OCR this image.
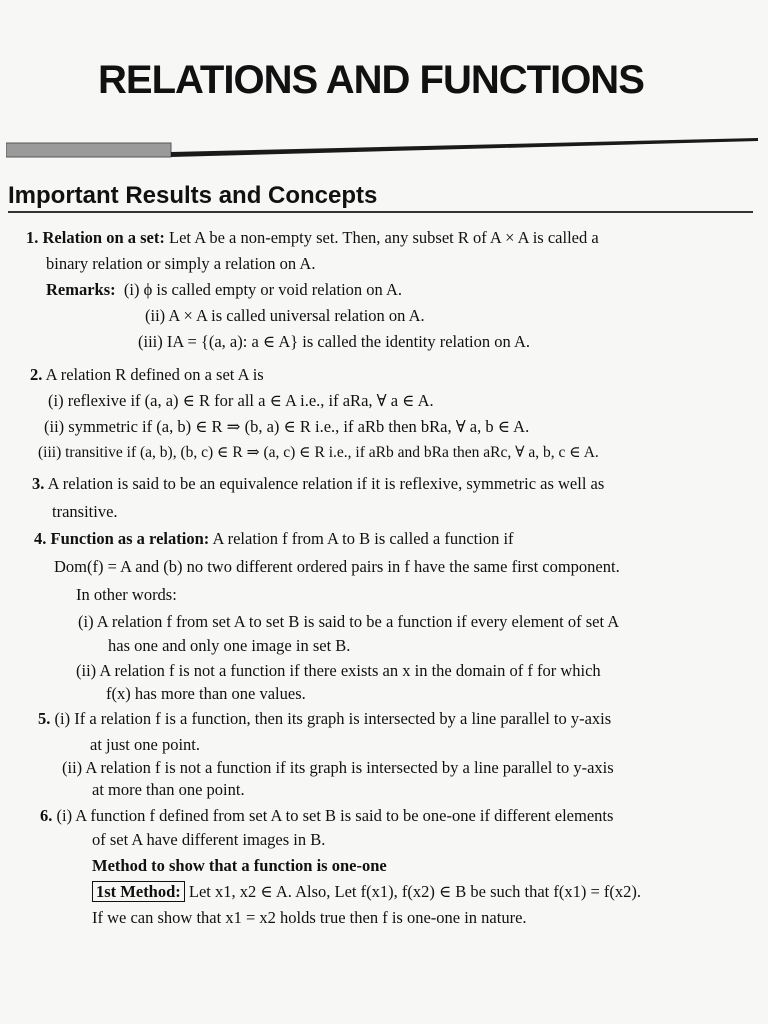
RELATIONS AND FUNCTIONS
Important Results and Concepts
1. Relation on a set: Let A be a non-empty set. Then, any subset R of A × A is called a
binary relation or simply a relation on A.
Remarks: (i) ϕ is called empty or void relation on A.
(ii) A × A is called universal relation on A.
(iii) IA = {(a, a): a ∈ A} is called the identity relation on A.
2. A relation R defined on a set A is
(i) reflexive if (a, a) ∈ R for all a ∈ A i.e., if aRa, ∀ a ∈ A.
(ii) symmetric if (a, b) ∈ R ⇒ (b, a) ∈ R i.e., if aRb then bRa, ∀ a, b ∈ A.
(iii) transitive if (a, b), (b, c) ∈ R ⇒ (a, c) ∈ R i.e., if aRb and bRa then aRc, ∀ a, b, c ∈ A.
3. A relation is said to be an equivalence relation if it is reflexive, symmetric as well as
transitive.
4. Function as a relation: A relation f from A to B is called a function if
Dom(f) = A and (b) no two different ordered pairs in f have the same first component.
In other words:
(i) A relation f from set A to set B is said to be a function if every element of set A
has one and only one image in set B.
(ii) A relation f is not a function if there exists an x in the domain of f for which
f(x) has more than one values.
5. (i) If a relation f is a function, then its graph is intersected by a line parallel to y-axis
at just one point.
(ii) A relation f is not a function if its graph is intersected by a line parallel to y-axis
at more than one point.
6. (i) A function f defined from set A to set B is said to be one-one if different elements
of set A have different images in B.
Method to show that a function is one-one
1st Method: Let x1, x2 ∈ A. Also, Let f(x1), f(x2) ∈ B be such that f(x1) = f(x2).
If we can show that x1 = x2 holds true then f is one-one in nature.
